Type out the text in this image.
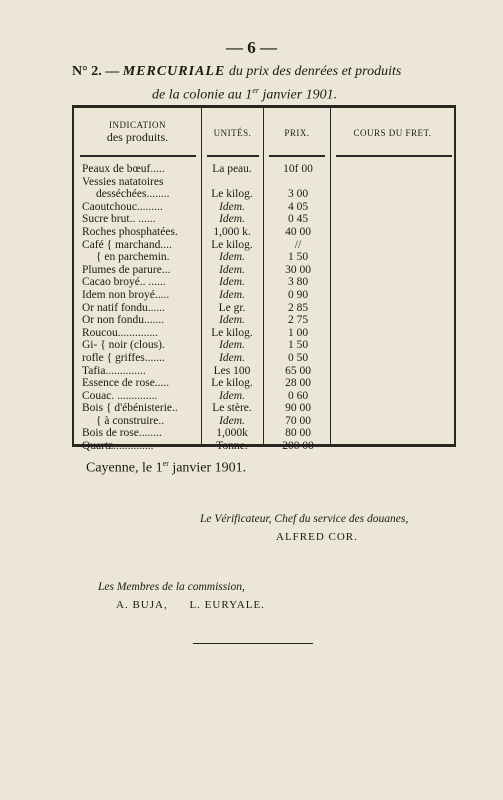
— 6 —
N° 2. — MERCURIALE du prix des denrées et produits
de la colonie au 1er janvier 1901.
INDICATION
des produits.	UNITÉS.	PRIX.	COURS DU FRET.
Peaux de bœuf.....	La peau.	10f 00
Vessies natatoires
desséchées........	Le kilog.	3 00
Caoutchouc.........	Idem.	4 05
Sucre brut.. ......	Idem.	0 45
Roches phosphatées.	1,000 k.	40 00
Café { marchand....	Le kilog.	//
{ en parchemin.	Idem.	1 50
Plumes de parure...	Idem.	30 00
Cacao broyé.. ......	Idem.	3 80
Idem non broyé.....	Idem.	0 90
Or natif fondu......	Le gr.	2 85
Or non fondu.......	Idem.	2 75
Roucou..............	Le kilog.	1 00
Gi- { noir (clous).	Idem.	1 50
rofle { griffes.......	Idem.	0 50
Tafia..............	Les 100	65 00
Essence de rose.....	Le kilog.	28 00
Couac. ..............	Idem.	0 60
Bois { d'ébénisterie..	Le stère.	90 00
{ à construire..	Idem.	70 00
Bois de rose........	1,000k	80 00
Quartz..............	Tonne.	200 00
Cayenne, le 1er janvier 1901.
Le Vérificateur, Chef du service des douanes,
ALFRED COR.
Les Membres de la commission,
A. BUJA, L. EURYALE.
